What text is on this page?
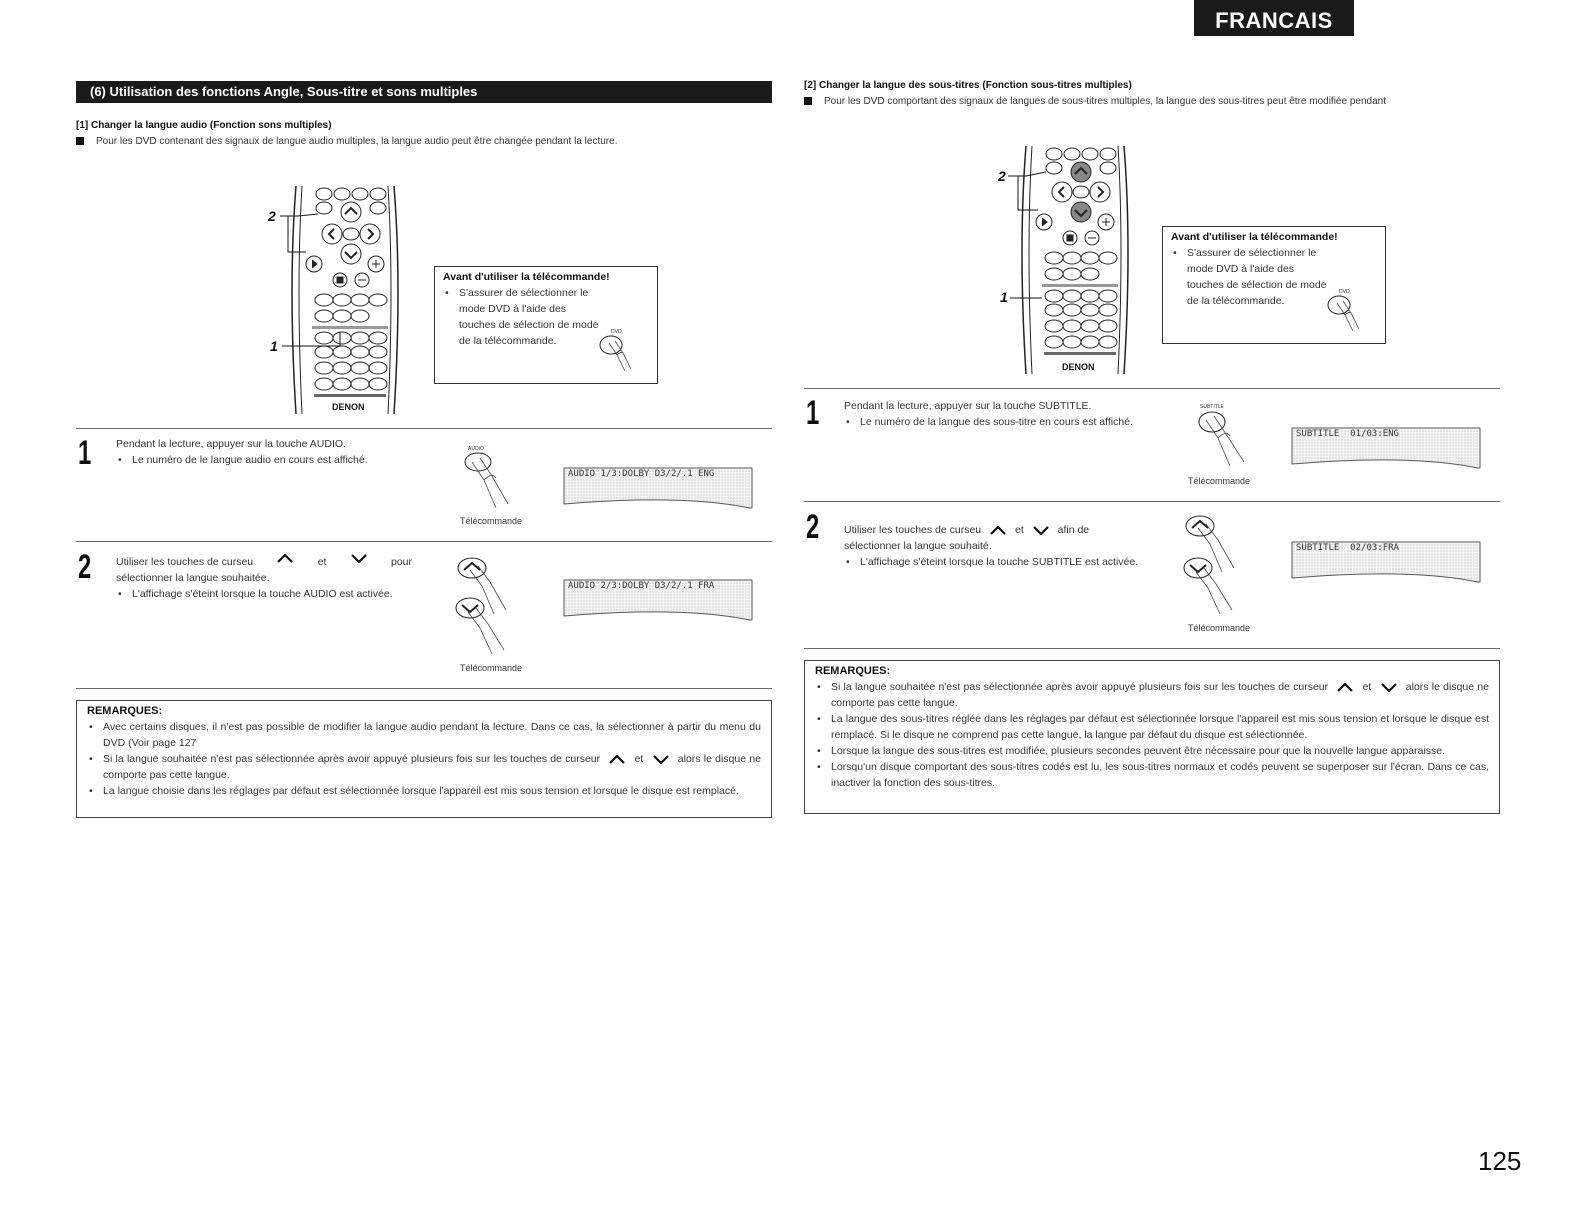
FRANCAIS
(6) Utilisation des fonctions Angle, Sous-titre et sons multiples
[1] Changer la langue audio (Fonction sons multiples)
Pour les DVD contenant des signaux de langue audio multiples, la langue audio peut être changée pendant la lecture.
DENON
2
1
Avant d'utiliser la télécommande!
• S'assurer de sélectionner le mode DVD à l'aide des touches de sélection de mode de la télécommande.
DVD
1 Pendant la lecture, appuyer sur la touche AUDIO.
• Le numéro de le langue audio en cours est affiché.
AUDIO
AUDIO 1/3:DOLBY D3/2/.1 ENG
Télécommande
2 Utiliser les touches de curseu	et	pour
sélectionner la langue souhaitée.
• L'affichage s'éteint lorsque la touche AUDIO est activée.
AUDIO 2/3:DOLBY D3/2/.1 FRA
Télécommande
REMARQUES:
• Avec certains disques, il n'est pas possible de modifier la langue audio pendant la lecture. Dans ce cas, la sélectionner à partir du menu du DVD (Voir page 127
• Si la langue souhaitée n'est pas sélectionnée après avoir appuyé plusieurs fois sur les touches de curseur	et	alors le disque ne comporte pas cette langue.
• La langue choisie dans les réglages par défaut est sélectionnée lorsque l'appareil est mis sous tension et lorsque le disque est remplacé.
[2] Changer la langue des sous-titres (Fonction sous-titres multiples)
Pour les DVD comportant des signaux de langues de sous-titres multiples, la langue des sous-titres peut être modifiée pendant
DENON
2
1
Avant d'utiliser la télécommande!
• S'assurer de sélectionner le mode DVD à l'aide des touches de sélection de mode de la télécommande.
DVD
1 Pendant la lecture, appuyer sur la touche SUBTITLE.
• Le numéro de la langue des sous-titre en cours est affiché.
SUBTITLE
SUBTITLE  01/03:ENG
Télécommande
2 Utiliser les touches de curseu	et	afin de
sélectionner la langue souhaité.
• L'affichage s'éteint lorsque la touche SUBTITLE est activée.
SUBTITLE  02/03:FRA
Télécommande
REMARQUES:
• Si la langue souhaitée n'est pas sélectionnée après avoir appuyé plusieurs fois sur les touches de curseur	et	alors le disque ne comporte pas cette langue.
• La langue des sous-titres réglée dans les réglages par défaut est sélectionnée lorsque l'appareil est mis sous tension et lorsque le disque est remplacé. Si le disque ne comprend pas cette langue, la langue par défaut du disque est sélectionnée.
• Lorsque la langue des sous-titres est modifiée, plusieurs secondes peuvent être nécessaire pour que la nouvelle langue apparaisse.
• Lorsqu'un disque comportant des sous-titres codés est lu, les sous-titres normaux et codés peuvent se superposer sur l'écran. Dans ce cas, inactiver la fonction des sous-titres.
125
